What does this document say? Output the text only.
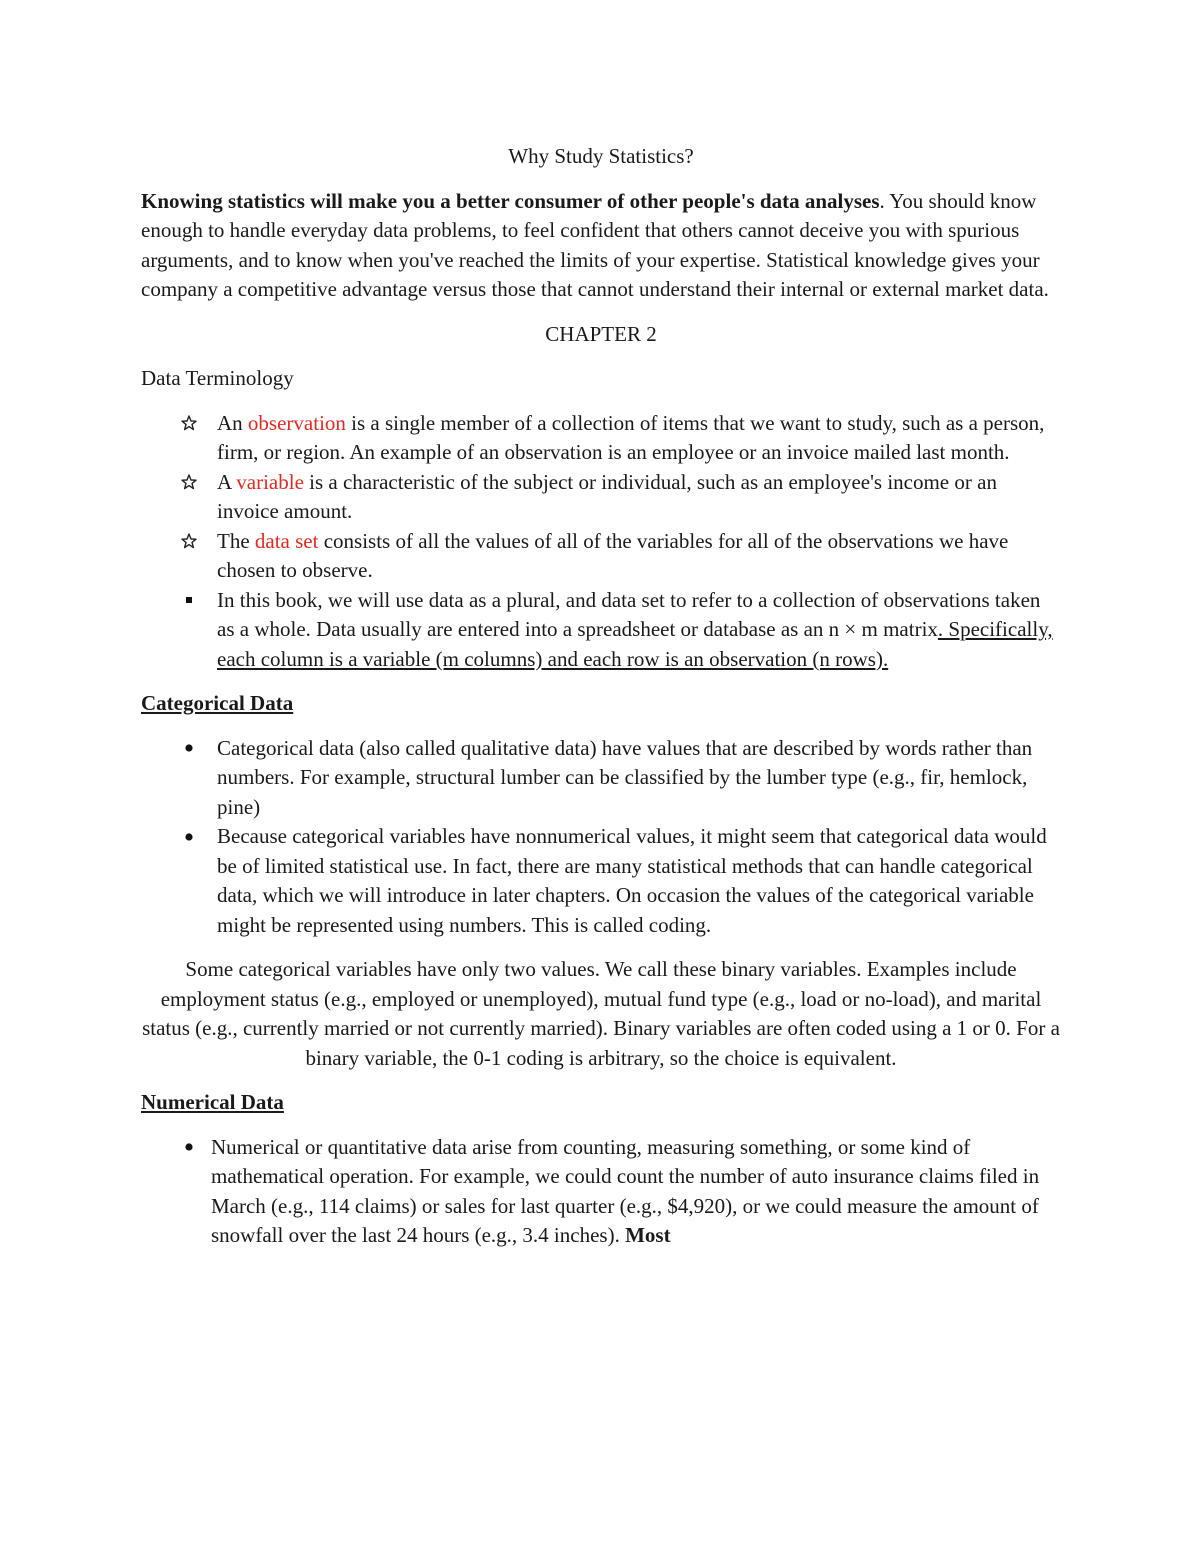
Why Study Statistics?

Knowing statistics will make you a better consumer of other people's data analyses. You should know enough to handle everyday data problems, to feel confident that others cannot deceive you with spurious arguments, and to know when you've reached the limits of your expertise. Statistical knowledge gives your company a competitive advantage versus those that cannot understand their internal or external market data.

CHAPTER 2

Data Terminology

An observation is a single member of a collection of items that we want to study, such as a person, firm, or region. An example of an observation is an employee or an invoice mailed last month.
A variable is a characteristic of the subject or individual, such as an employee's income or an invoice amount.
The data set consists of all the values of all of the variables for all of the observations we have chosen to observe.
In this book, we will use data as a plural, and data set to refer to a collection of observations taken as a whole. Data usually are entered into a spreadsheet or database as an n × m matrix. Specifically, each column is a variable (m columns) and each row is an observation (n rows).

Categorical Data

Categorical data (also called qualitative data) have values that are described by words rather than numbers. For example, structural lumber can be classified by the lumber type (e.g., fir, hemlock, pine)
Because categorical variables have nonnumerical values, it might seem that categorical data would be of limited statistical use. In fact, there are many statistical methods that can handle categorical data, which we will introduce in later chapters. On occasion the values of the categorical variable might be represented using numbers. This is called coding.

Some categorical variables have only two values. We call these binary variables. Examples include employment status (e.g., employed or unemployed), mutual fund type (e.g., load or no-load), and marital status (e.g., currently married or not currently married). Binary variables are often coded using a 1 or 0. For a binary variable, the 0-1 coding is arbitrary, so the choice is equivalent.

Numerical Data

Numerical or quantitative data arise from counting, measuring something, or some kind of mathematical operation. For example, we could count the number of auto insurance claims filed in March (e.g., 114 claims) or sales for last quarter (e.g., $4,920), or we could measure the amount of snowfall over the last 24 hours (e.g., 3.4 inches). Most
